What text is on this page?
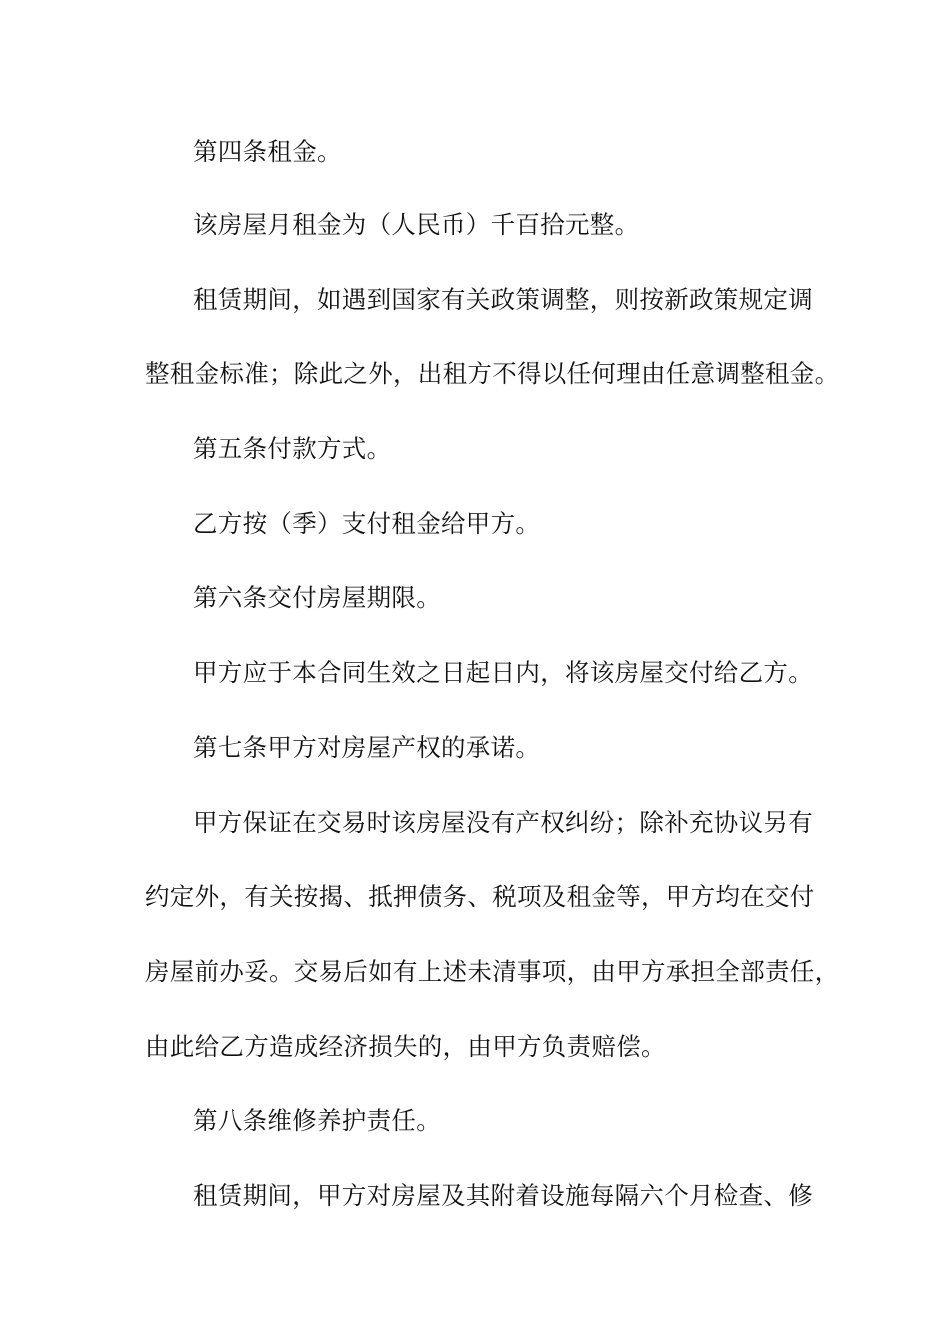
第四条租金。

该房屋月租金为（人民币）千百拾元整。

租赁期间，如遇到国家有关政策调整，则按新政策规定调

整租金标准；除此之外，出租方不得以任何理由任意调整租金。

第五条付款方式。

乙方按（季）支付租金给甲方。

第六条交付房屋期限。

甲方应于本合同生效之日起日内，将该房屋交付给乙方。

第七条甲方对房屋产权的承诺。

甲方保证在交易时该房屋没有产权纠纷；除补充协议另有

约定外，有关按揭、抵押债务、税项及租金等，甲方均在交付

房屋前办妥。交易后如有上述未清事项，由甲方承担全部责任，

由此给乙方造成经济损失的，由甲方负责赔偿。

第八条维修养护责任。

租赁期间，甲方对房屋及其附着设施每隔六个月检查、修
